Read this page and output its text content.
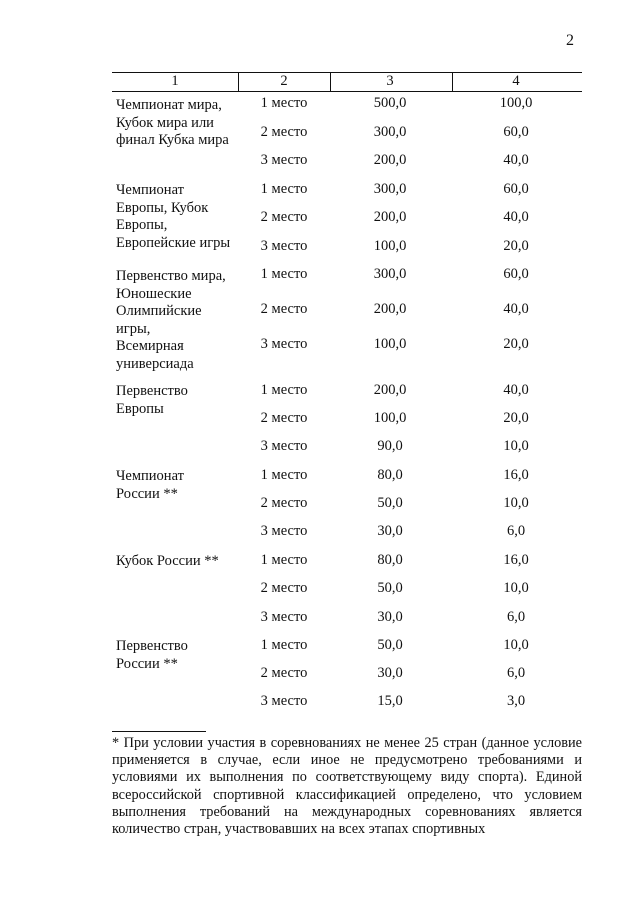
2
1	2	3	4
Чемпионат мира,
Кубок мира или
финал Кубка мира
1 место	500,0	100,0
2 место	300,0	60,0
3 место	200,0	40,0
Чемпионат
Европы, Кубок
Европы,
Европейские игры
1 место	300,0	60,0
2 место	200,0	40,0
3 место	100,0	20,0
Первенство мира,
Юношеские
Олимпийские
игры,
Всемирная
универсиада
1 место	300,0	60,0
2 место	200,0	40,0
3 место	100,0	20,0
Первенство
Европы
1 место	200,0	40,0
2 место	100,0	20,0
3 место	90,0	10,0
Чемпионат
России **
1 место	80,0	16,0
2 место	50,0	10,0
3 место	30,0	6,0
Кубок России **	1 место	80,0	16,0
2 место	50,0	10,0
3 место	30,0	6,0
Первенство
России **
1 место	50,0	10,0
2 место	30,0	6,0
3 место	15,0	3,0
* При условии участия в соревнованиях не менее 25 стран (данное условие применяется в случае, если иное не предусмотрено требованиями и условиями их выполнения по соответствующему виду спорта). Единой всероссийской спортивной классификацией определено, что условием выполнения требований на международных соревнованиях является количество стран, участвовавших на всех этапах спортивных
